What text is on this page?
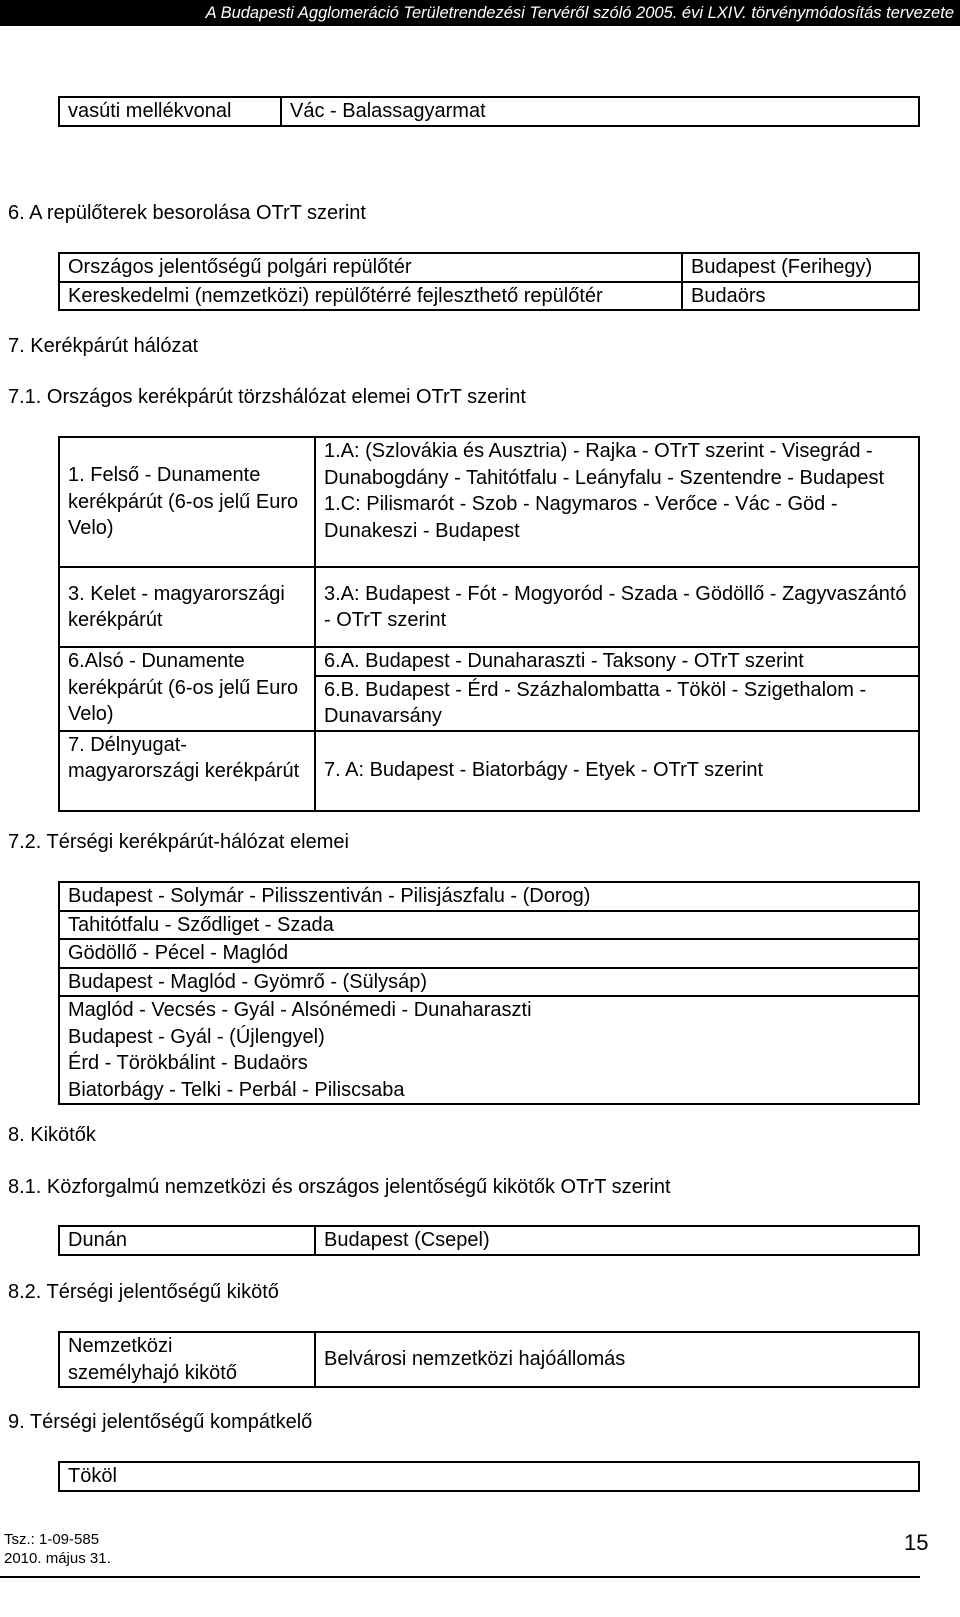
A Budapesti Agglomeráció Területrendezési Tervéről szóló 2005. évi LXIV. törvénymódosítás tervezete
vasúti mellékvonal	Vác - Balassagyarmat
6. A repülőterek besorolása OTrT szerint
Országos jelentőségű polgári repülőtér	Budapest (Ferihegy)
Kereskedelmi (nemzetközi) repülőtérré fejleszthető repülőtér	Budaörs
7. Kerékpárút hálózat
7.1. Országos kerékpárút törzshálózat elemei OTrT szerint
1. Felső - Dunamente kerékpárút (6-os jelű Euro Velo)	1.A: (Szlovákia és Ausztria) - Rajka - OTrT szerint - Visegrád - Dunabogdány - Tahitótfalu - Leányfalu - Szentendre - Budapest
1.C: Pilismarót - Szob - Nagymaros - Verőce - Vác - Göd - Dunakeszi - Budapest

3. Kelet - magyarországi kerékpárút	3.A: Budapest - Fót - Mogyoród - Szada - Gödöllő - Zagyvaszántó - OTrT szerint

6.Alsó - Dunamente kerékpárút (6-os jelű Euro Velo)	6.A. Budapest - Dunaharaszti - Taksony - OTrT szerint
6.B. Budapest - Érd - Százhalombatta - Tököl - Szigethalom - Dunavarsány

7. Délnyugat-magyarországi kerékpárút	7. A: Budapest - Biatorbágy - Etyek - OTrT szerint
7.2. Térségi kerékpárút-hálózat elemei
Budapest - Solymár - Pilisszentiván - Pilisjászfalu - (Dorog)
Tahitótfalu - Sződliget - Szada
Gödöllő - Pécel - Maglód
Budapest - Maglód - Gyömrő - (Sülysáp)
Maglód - Vecsés - Gyál - Alsónémedi - Dunaharaszti
Budapest - Gyál - (Újlengyel)
Érd - Törökbálint - Budaörs
Biatorbágy - Telki - Perbál - Piliscsaba
8. Kikötők
8.1. Közforgalmú nemzetközi és országos jelentőségű kikötők OTrT szerint
Dunán	Budapest (Csepel)
8.2. Térségi jelentőségű kikötő
Nemzetközi személyhajó kikötő	Belvárosi nemzetközi hajóállomás
9. Térségi jelentőségű kompátkelő
Tököl
Tsz.: 1-09-585
2010. május 31.
15
